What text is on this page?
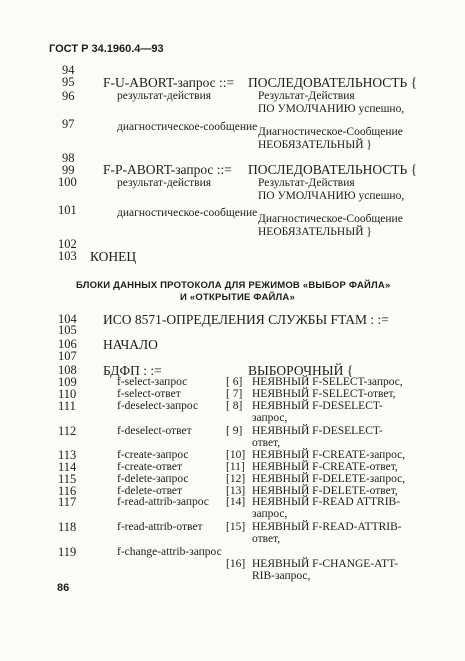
ГОСТ Р 34.1960.4—93
94
95 F-U-ABORT-запрос ::= ПОСЛЕДОВАТЕЛЬНОСТЬ {
96	результат-действия	Результат-Действия
ПО УМОЛЧАНИЮ успешно,
97	диагностическое-сообщение Диагностическое-Сообщение
НЕОБЯЗАТЕЛЬНЫЙ }
98
99 F-P-ABORT-запрос ::= ПОСЛЕДОВАТЕЛЬНОСТЬ {
100	результат-действия	Результат-Действия
ПО УМОЛЧАНИЮ успешно,
101	диагностическое-сообщение Диагностическое-Сообщение
НЕОБЯЗАТЕЛЬНЫЙ }
102
103 КОНЕЦ
БЛОКИ ДАННЫХ ПРОТОКОЛА ДЛЯ РЕЖИМОВ «ВЫБОР ФАЙЛА»
И «ОТКРЫТИЕ ФАЙЛА»
104 ИСО 8571-ОПРЕДЕЛЕНИЯ СЛУЖБЫ FTAM : :=
105
106 НАЧАЛО
107
108 БДФП : :=	ВЫБОРОЧНЫЙ {
109	f-select-запрос	[ 6] НЕЯВНЫЙ F-SELECT-запрос,
110	f-select-ответ	[ 7] НЕЯВНЫЙ F-SELECT-ответ,
111	f-deselect-запрос [ 8] НЕЯВНЫЙ F-DESELECT-
запрос,
112	f-deselect-ответ	[ 9] НЕЯВНЫЙ F-DESELECT-
ответ,
113	f-create-запрос	[10] НЕЯВНЫЙ F-CREATE-запрос,
114	f-create-ответ	[11] НЕЯВНЫЙ F-CREATE-ответ,
115	f-delete-запрос	[12] НЕЯВНЫЙ F-DELETE-запрос,
116	f-delete-ответ	[13] НЕЯВНЫЙ F-DELETE-ответ,
117	f-read-attrib-запрос [14] НЕЯВНЫЙ F-READ ATTRIB-
запрос,
118	f-read-attrib-ответ [15] НЕЯВНЫЙ F-READ-ATTRIB-
ответ,
119	f-change-attrib-запрос
[16] НЕЯВНЫЙ F-CHANGE-ATT-
RIB-запрос,
86
